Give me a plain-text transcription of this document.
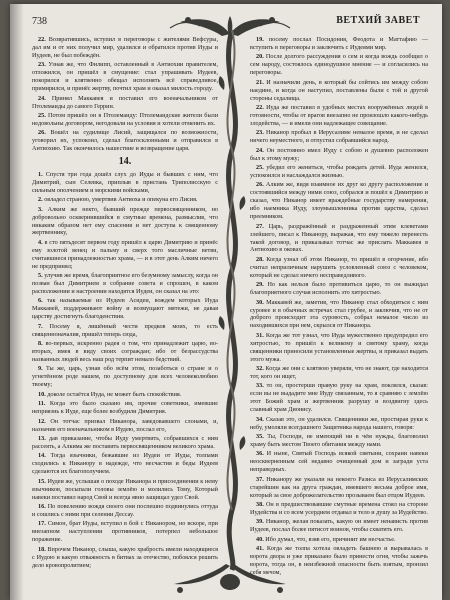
738	ВЕТХИЙ ЗАВЕТ

22. Возвратившись, вступил в переговоры с жителями Вефсуры, дал им и от них получил мир, удалился и обратился против Иуды и Иудеев, не был побеждён.

23. Узнав же, что Филипп, оставленный в Антиохии правителем, отложился, он пришёл в смущение: стал упрашивать Иудеев, покорился и клятвенно обещал исполнять всё справедливое, примирился, и принёс жертву, почтил храм и оказал милость городу.

24. Принял Маккавея и поставил его военачальником от Птолемаиды до самого Геррин.

25. Потом пришёл он в Птолемаиду: Птолемаидские жители были недовольны договором, негодовали на условия и хотели отменить их.

26. Вошёл на судилище Лисий, защищался по возможности, уговорил их, успокоил, сделал благосклонными и отправился в Антиохию. Так окончилось нашествие и возвращение царя.

14.

1. Спустя три года дошёл слух до Иуды и бывших с ним, что Димитрий, сын Селевка, приплыв в пристань Триполисскую с сильным ополчением и морскими войсками,

2. овладел страною, умертвив Антиоха и опекуна его Лисия.

3. Алким же некто, бывший прежде первосвященником, но добровольно осквернившийся в смутные времена, размыслив, что никаким образом нет ему спасения и нет доступа к священному жертвеннику,

4. в сто пятьдесят первом году пришёл к царю Димитрию и принёс ему золотой венец и пальму и сверх того масличные ветви, считавшиеся принадлежностью храма, — и в этот день Алким ничего не предпринял;

5. улучив же время, благоприятное его безумному замыслу, когда он позван был Димитрием в собрание совета и спрошен, в каком расположении и настроении находятся Иудеи, он сказал на это:

6. так называемые из Иудеев Асидеи, вождем которых Иуда Маккавей, поддерживают войну и возмущают мятежи, не давая царству достигнуть благоденствия.

7. Посему я, лишённый чести предков моих, то есть священноначалия, пришёл теперь сюда,

8. во-первых, искренно радея о том, что принадлежит царю, во-вторых, имея в виду своих сограждан; ибо от безрассудства названных людей весь наш род терпит немало бедствий.

9. Ты же, царь, узнав обо всём этом, позаботься о стране и о угнетённом роде нашем, по доступному для всех человеколюбию твоему;

10. доколе остаётся Иуда, не может быть спокойствия.

11. Когда это было сказано им, прочие советники, имевшие неприязнь к Иуде, еще более возбудили Димитрия.

12. Он тотчас призвал Никанора, заведовавшего слонами, и, назначив его военачальником в Иудею, послал его,

13. дав приказание, чтобы Иуду умертвить, собравшихся с ним рассеять, а Алкима же поставить первосвященником великого храма.

14. Тогда язычники, бежавшие из Иудеи от Иуды, толпами сходились к Никанору в надежде, что несчастия и беды Иудеев сделаются их благополучием.

15. Иудеи же, услышав о походе Никанора и присоединении к нему язычников, посыпали головы землёю и молились Тому, Который навеки поставил народ Свой и всегда явно защищал удел Свой.

16. По повелению вождя своего они поспешно подвинулись оттуда и сошлись с ними при селении Дессау.

17. Симон, брат Иуды, вступил в бой с Никанором, но вскоре, при внезапном наступлении противников, потерпел небольшое поражение.

18. Впрочем Никанор, слыша, какую храбрость имели находящиеся с Иудою и какую отважность в битвах за отечество, побоялся решить дело кровопролитием;

19. посему послал Посидония, Феодота и Маттафию — вступить в переговоры и заключить с Иудеями мир.

20. После долгого рассуждения о сем и когда вождь сообщил о сем народу, состоялось единодушное мнение — и согласились на переговоры.

21. И назначили день, в который бы сойтись им между собою наедине, и когда он наступил, поставлены были с той и другой стороны седалища.

22. Иуда же поставил в удобных местах вооружённых людей в готовности, чтобы от врагов внезапно не произошло какого-нибудь злодейства, — и имели они надлежащее совещание.

23. Никанор пробыл в Иерусалиме немалое время, и не сделал ничего неуместного, и отпустил собравшийся народ.

24. Он постоянно имел Иуду с собою и душевно расположен был к этому мужу;

25. убедил его жениться, чтобы рождать детей. Иуда женился, успокоился и наслаждался жизнью.

26. Алким же, видя взаимное их друг ко другу расположение и состоявшийся между ними союз, собрался и пошёл к Димитрию и сказал, что Никанор имеет враждебные государству намерения, ибо наемника Иуду, злоумышленника против царства, сделал преемником.

27. Царь, раздражённый и раздраженный этим клеветами злейшего, писал к Никанору, выражая, что ему тяжело перенесть такой договор, и приказывал тотчас же прислать Маккавея в Антиохию в оковах.

28. Когда узнал об этом Никанор, то пришёл в огорчение, ибо считал неприличным нарушить условленный союз с человеком, который не сделал ничего несправедливого.

29. Но как нельзя было противиться царю, то он выжидал благоприятного случая исполнить это хитростью.

30. Маккавей же, заметив, что Никанор стал обходиться с ним суровее и в обычных встречах стал грубее, и заключив, что не от доброго происходит эта суровость, собрал немалое число из находившихся при нем, скрылся от Никанора.

31. Когда же тот узнал, что Иуда мужественно предупредил его хитростью, то пришёл к великому и святому храму, когда священники приносили установленные жертвы, и приказал выдать этого мужа.

32. Когда же они с клятвою уверяли, что не знают, где находится тот, кого он ищет,

33. то он, простерши правую руку на храм, поклялся, сказав: если вы не выдадите мне Иуду связанным, то я сравняю с землёю этот Божий храм и жертвенник разрушу и воздвигну здесь славный храм Дионису.

34. Сказав это, он удалился. Священники же, простирая руки к небу, умоляли всегдашнего Защитника народа нашего, говоря:

35. Ты, Господи, не имеющий ни в чём нужды, благоволил храму быть местом Твоего обитания между нами.

36. И ныне, Святый Господь всякой святыни, сохрани навеки неоскверненным сей недавно очищенный дом и загради уста неправедных.

37. Никанору же указали на некоего Разиса из Иерусалимских старейшин как на друга граждан, имевшего весьма доброе имя, который за свое доброжелательство прозываем был отцом Иудеев.

38. Он в предшествовавшие смутные времена стоял на стороне Иудейства и со всем усердием отдавал и тело и душу за Иудейство.

39. Никанор, желая показать, какую он имеет ненависть против Иудеев, послал более пятисот воинов, чтобы схватить его.

40. Ибо думал, что, взяв его, причинит им несчастье.

41. Когда же толпа хотела овладеть башнею и вырывалась в ворота двора и уже приказано было принести огня, чтобы зажечь ворота, тогда он, в неизбежной опасности быть взятым, пронзил себя мечом,
